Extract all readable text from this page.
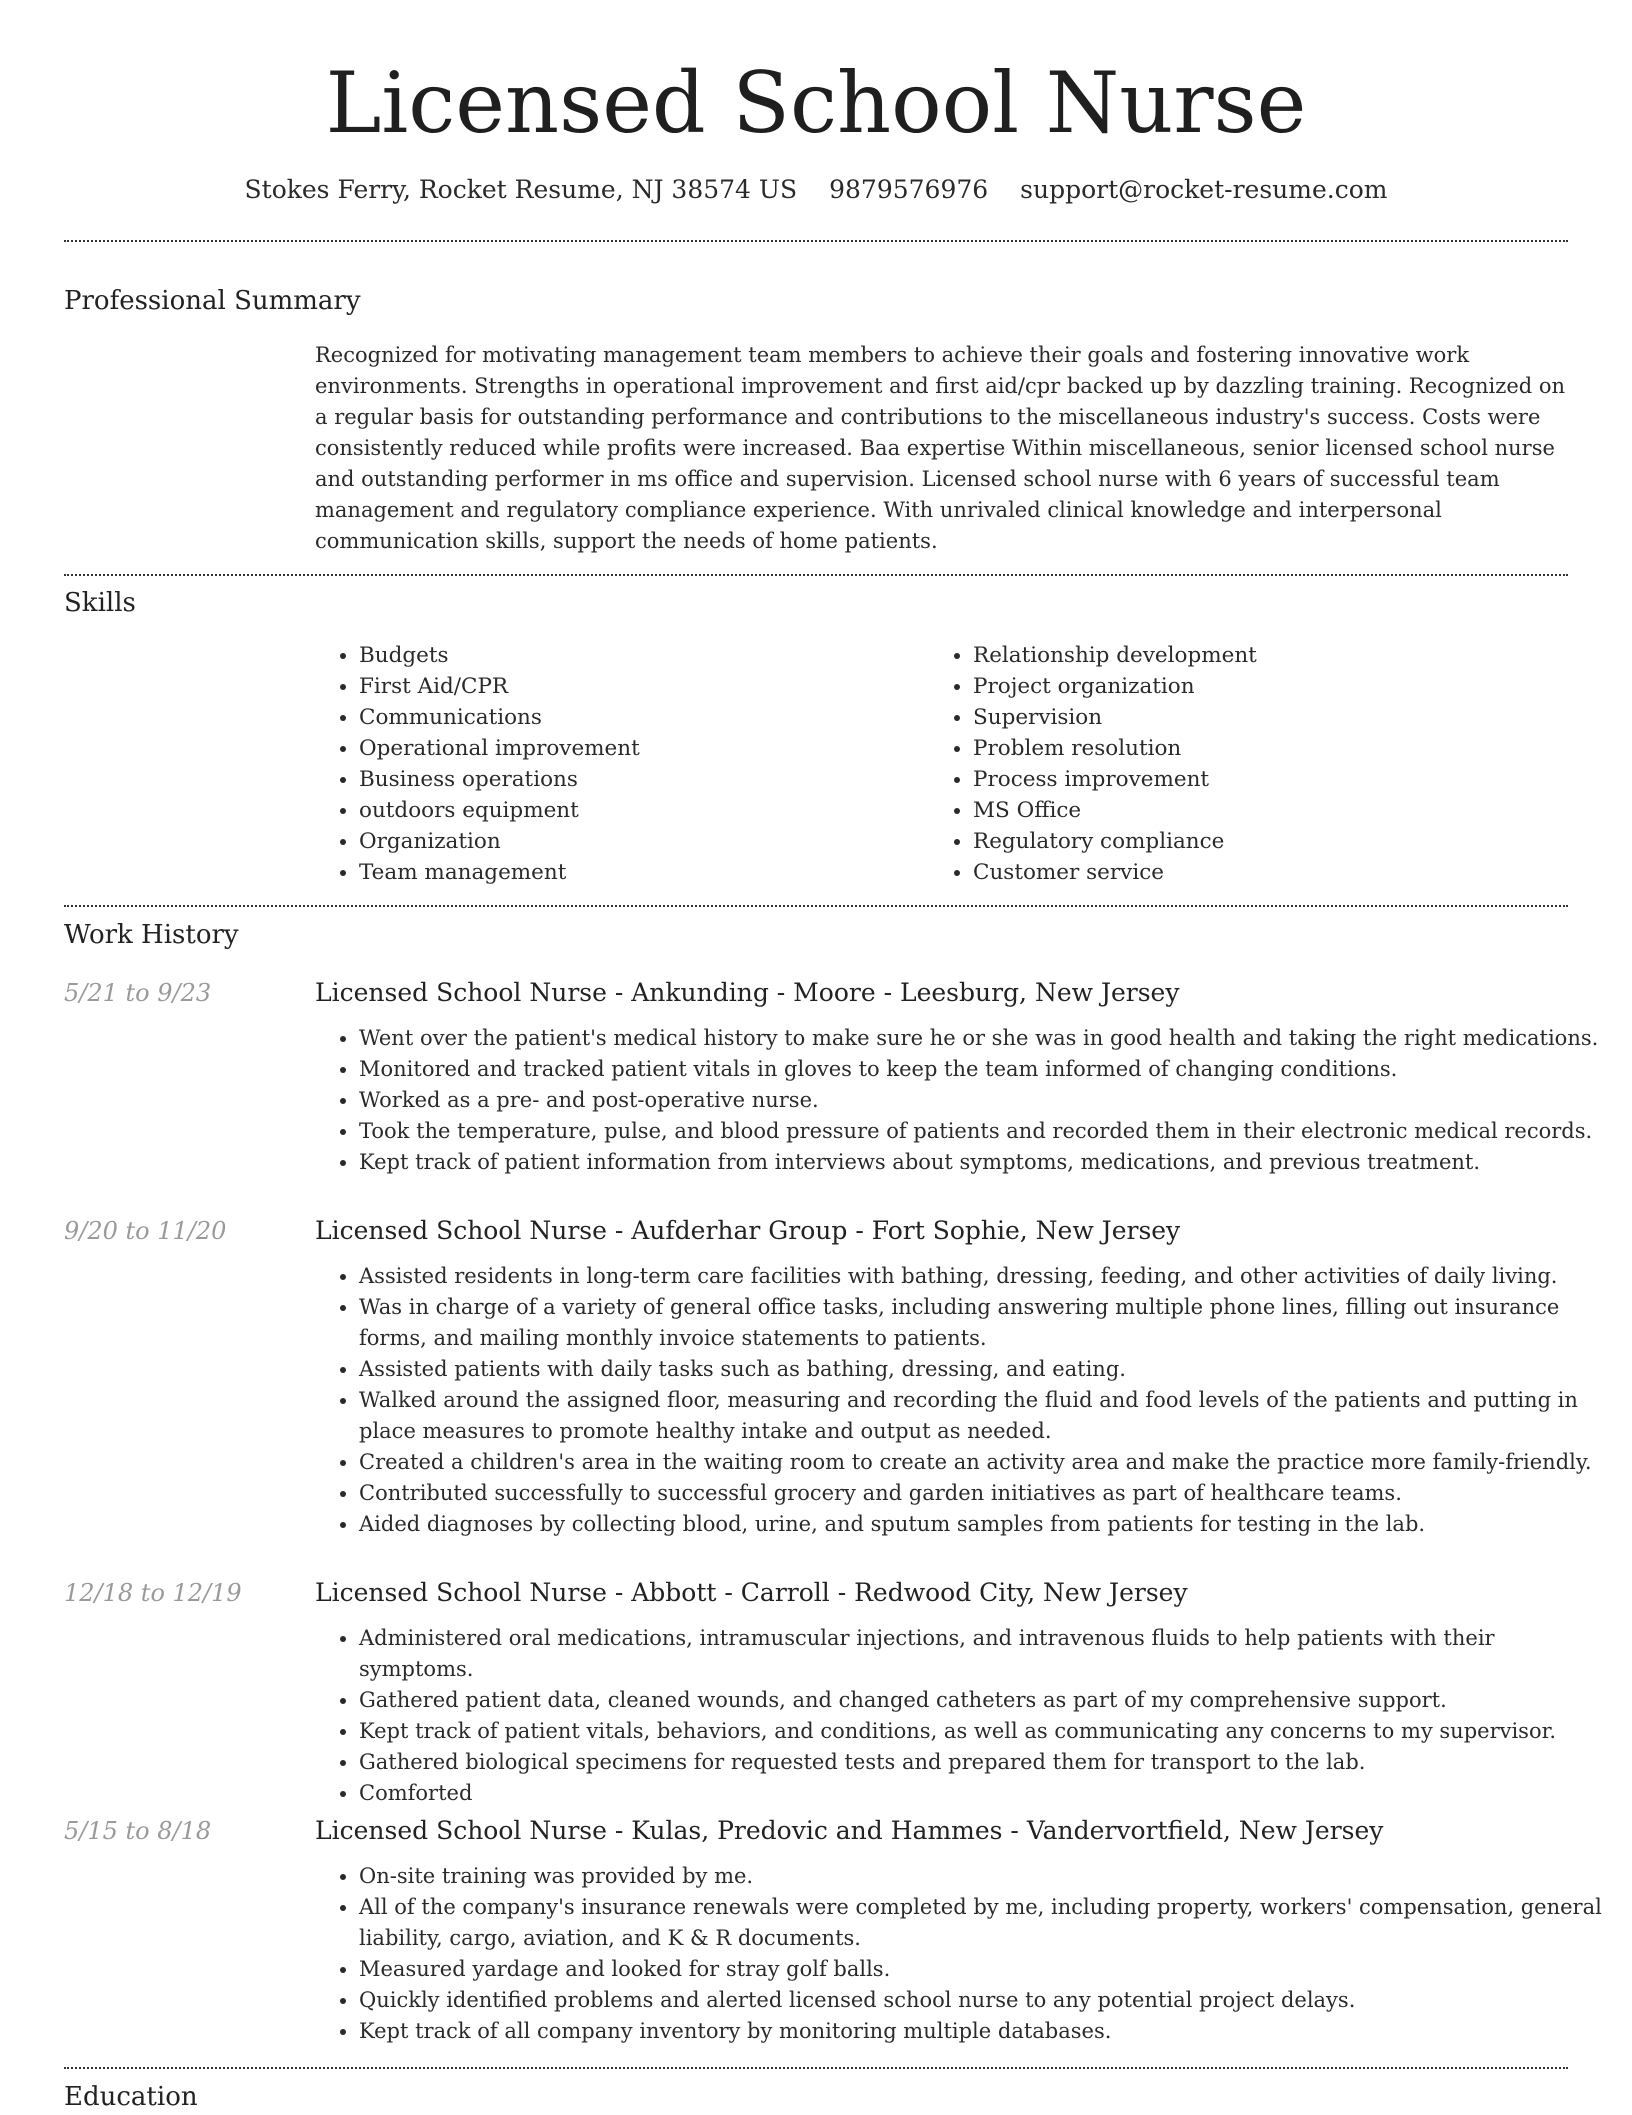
Licensed School Nurse
Stokes Ferry, Rocket Resume, NJ 38574 US 9879576976 support@rocket-resume.com
Professional Summary
Recognized for motivating management team members to achieve their goals and fostering innovative work environments. Strengths in operational improvement and first aid/cpr backed up by dazzling training. Recognized on a regular basis for outstanding performance and contributions to the miscellaneous industry's success. Costs were consistently reduced while profits were increased. Baa expertise Within miscellaneous, senior licensed school nurse and outstanding performer in ms office and supervision. Licensed school nurse with 6 years of successful team management and regulatory compliance experience. With unrivaled clinical knowledge and interpersonal communication skills, support the needs of home patients.
Skills
• Budgets
• First Aid/CPR
• Communications
• Operational improvement
• Business operations
• outdoors equipment
• Organization
• Team management
• Relationship development
• Project organization
• Supervision
• Problem resolution
• Process improvement
• MS Office
• Regulatory compliance
• Customer service
Work History
5/21 to 9/23	Licensed School Nurse - Ankunding - Moore - Leesburg, New Jersey
• Went over the patient's medical history to make sure he or she was in good health and taking the right medications.
• Monitored and tracked patient vitals in gloves to keep the team informed of changing conditions.
• Worked as a pre- and post-operative nurse.
• Took the temperature, pulse, and blood pressure of patients and recorded them in their electronic medical records.
• Kept track of patient information from interviews about symptoms, medications, and previous treatment.
9/20 to 11/20	Licensed School Nurse - Aufderhar Group - Fort Sophie, New Jersey
• Assisted residents in long-term care facilities with bathing, dressing, feeding, and other activities of daily living.
• Was in charge of a variety of general office tasks, including answering multiple phone lines, filling out insurance forms, and mailing monthly invoice statements to patients.
• Assisted patients with daily tasks such as bathing, dressing, and eating.
• Walked around the assigned floor, measuring and recording the fluid and food levels of the patients and putting in place measures to promote healthy intake and output as needed.
• Created a children's area in the waiting room to create an activity area and make the practice more family-friendly.
• Contributed successfully to successful grocery and garden initiatives as part of healthcare teams.
• Aided diagnoses by collecting blood, urine, and sputum samples from patients for testing in the lab.
12/18 to 12/19	Licensed School Nurse - Abbott - Carroll - Redwood City, New Jersey
• Administered oral medications, intramuscular injections, and intravenous fluids to help patients with their symptoms.
• Gathered patient data, cleaned wounds, and changed catheters as part of my comprehensive support.
• Kept track of patient vitals, behaviors, and conditions, as well as communicating any concerns to my supervisor.
• Gathered biological specimens for requested tests and prepared them for transport to the lab.
• Comforted
5/15 to 8/18	Licensed School Nurse - Kulas, Predovic and Hammes - Vandervortfield, New Jersey
• On-site training was provided by me.
• All of the company's insurance renewals were completed by me, including property, workers' compensation, general liability, cargo, aviation, and K & R documents.
• Measured yardage and looked for stray golf balls.
• Quickly identified problems and alerted licensed school nurse to any potential project delays.
• Kept track of all company inventory by monitoring multiple databases.
Education
